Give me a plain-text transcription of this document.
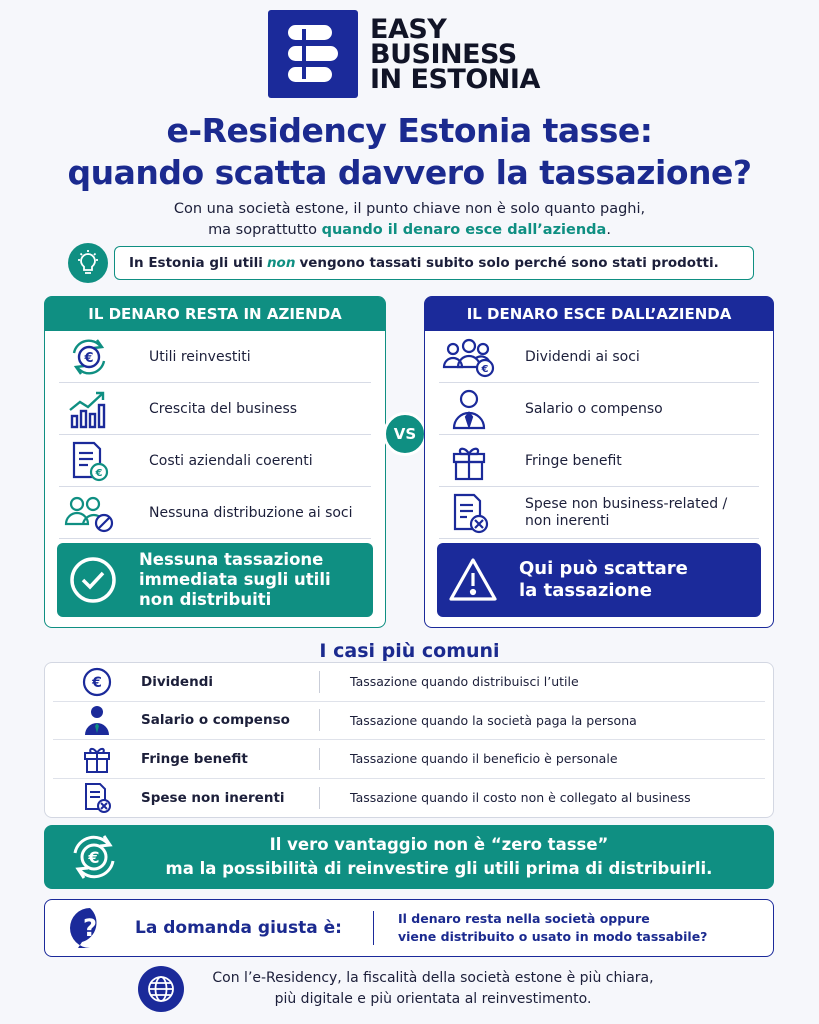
EASY
BUSINESS
IN ESTONIA
e-Residency Estonia tasse:
quando scatta davvero la tassazione?
Con una società estone, il punto chiave non è solo quanto paghi,
ma soprattutto quando il denaro esce dall’azienda.
In Estonia gli utili non vengono tassati subito solo perché sono stati prodotti.
IL DENARO RESTA IN AZIENDA
€	Utili reinvestiti
Crescita del business
€
Costi aziendali coerenti
Nessuna distribuzione ai soci
Nessuna tassazione
immediata sugli utili
non distribuiti
VS
IL DENARO ESCE DALL’AZIENDA
€
Dividendi ai soci
Salario o compenso
Fringe benefit
Spese non business-related /
non inerenti
Qui può scattare
la tassazione
I casi più comuni
€	Dividendi	Tassazione quando distribuisci l’utile
Salario o compenso	Tassazione quando la società paga la persona
Fringe benefit	Tassazione quando il beneficio è personale
Spese non inerenti	Tassazione quando il costo non è collegato al business
€
Il vero vantaggio non è “zero tasse”
ma la possibilità di reinvestire gli utili prima di distribuirli.
? La domanda giusta è:	Il denaro resta nella società oppure
viene distribuito o usato in modo tassabile?
Con l’e-Residency, la fiscalità della società estone è più chiara,
più digitale e più orientata al reinvestimento.
